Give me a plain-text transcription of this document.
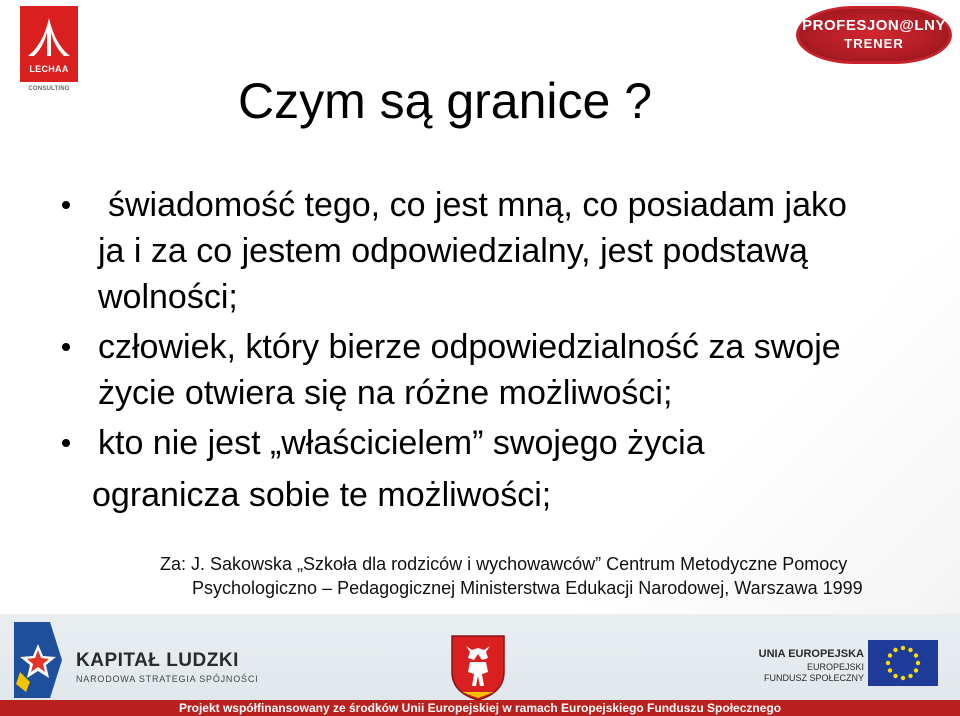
LECHAA
CONSULTING
PROFESJON@LNY
TRENER
Czym są granice ?
świadomość tego, co jest mną, co posiadam jako ja i za co jestem odpowiedzialny, jest podstawą wolności;
człowiek, który bierze odpowiedzialność za swoje życie otwiera się na różne możliwości;
kto nie jest „właścicielem” swojego życia
ogranicza sobie te możliwości;
Za: J. Sakowska „Szkoła dla rodziców i wychowawców” Centrum Metodyczne Pomocy
Psychologiczno – Pedagogicznej Ministerstwa Edukacji Narodowej, Warszawa 1999
KAPITAŁ LUDZKI
NARODOWA STRATEGIA SPÓJNOŚCI
UNIA EUROPEJSKA
EUROPEJSKI
FUNDUSZ SPOŁECZNY
Projekt współfinansowany ze środków Unii Europejskiej w ramach Europejskiego Funduszu Społecznego
